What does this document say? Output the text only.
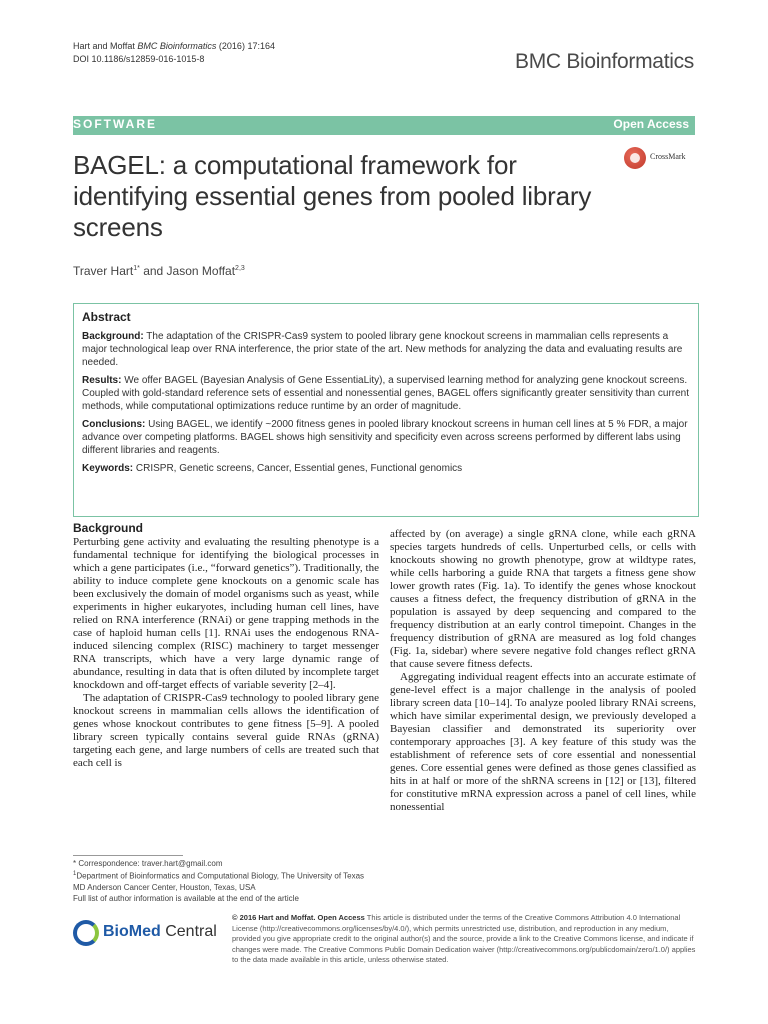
Hart and Moffat BMC Bioinformatics (2016) 17:164
DOI 10.1186/s12859-016-1015-8	BMC Bioinformatics
SOFTWARE	Open Access
BAGEL: a computational framework for identifying essential genes from pooled library screens
CrossMark
Traver Hart$^{1*}$ and Jason Moffat$^{2,3}$
Abstract

Background: The adaptation of the CRISPR-Cas9 system to pooled library gene knockout screens in mammalian cells represents a major technological leap over RNA interference, the prior state of the art. New methods for analyzing the data and evaluating results are needed.

Results: We offer BAGEL (Bayesian Analysis of Gene EssentiaLity), a supervised learning method for analyzing gene knockout screens. Coupled with gold-standard reference sets of essential and nonessential genes, BAGEL offers significantly greater sensitivity than current methods, while computational optimizations reduce runtime by an order of magnitude.

Conclusions: Using BAGEL, we identify ~2000 fitness genes in pooled library knockout screens in human cell lines at 5 % FDR, a major advance over competing platforms. BAGEL shows high sensitivity and specificity even across screens performed by different labs using different libraries and reagents.

Keywords: CRISPR, Genetic screens, Cancer, Essential genes, Functional genomics

Background

Perturbing gene activity and evaluating the resulting phenotype is a fundamental technique for identifying the biological processes in which a gene participates (i.e., “forward genetics”). Traditionally, the ability to induce complete gene knockouts on a genomic scale has been exclusively the domain of model organisms such as yeast, while experiments in higher eukaryotes, including human cell lines, have relied on RNA interference (RNAi) or gene trapping methods in the case of haploid human cells [1]. RNAi uses the endogenous RNA-induced silencing complex (RISC) machinery to target messenger RNA transcripts, which have a very large dynamic range of abundance, resulting in data that is often diluted by incomplete target knockdown and off-target effects of variable severity [2–4].

The adaptation of CRISPR-Cas9 technology to pooled library gene knockout screens in mammalian cells allows the identification of genes whose knockout contributes to gene fitness [5–9]. A pooled library screen typically contains several guide RNAs (gRNA) targeting each gene, and large numbers of cells are treated such that each cell is

affected by (on average) a single gRNA clone, while each gRNA species targets hundreds of cells. Unperturbed cells, or cells with knockouts showing no growth phenotype, grow at wildtype rates, while cells harboring a guide RNA that targets a fitness gene show lower growth rates (Fig. 1a). To identify the genes whose knockout causes a fitness defect, the frequency distribution of gRNA in the population is assayed by deep sequencing and compared to the frequency distribution at an early control timepoint. Changes in the frequency distribution of gRNA are measured as log fold changes (Fig. 1a, sidebar) where severe negative fold changes reflect gRNA that cause severe fitness defects.

Aggregating individual reagent effects into an accurate estimate of gene-level effect is a major challenge in the analysis of pooled library screen data [10–14]. To analyze pooled library RNAi screens, which have similar experimental design, we previously developed a Bayesian classifier and demonstrated its superiority over contemporary approaches [3]. A key feature of this study was the establishment of reference sets of core essential and nonessential genes. Core essential genes were defined as those genes classified as hits in at half or more of the shRNA screens in [12] or [13], filtered for constitutive mRNA expression across a panel of cell lines, while nonessential

* Correspondence: traver.hart@gmail.com

$^1$Department of Bioinformatics and Computational Biology, The University of Texas MD Anderson Cancer Center, Houston, Texas, USA

Full list of author information is available at the end of the article

BioMed Central
© 2016 Hart and Moffat. Open Access This article is distributed under the terms of the Creative Commons Attribution 4.0 International License (http://creativecommons.org/licenses/by/4.0/), which permits unrestricted use, distribution, and reproduction in any medium, provided you give appropriate credit to the original author(s) and the source, provide a link to the Creative Commons license, and indicate if changes were made. The Creative Commons Public Domain Dedication waiver (http://creativecommons.org/publicdomain/zero/1.0/) applies to the data made available in this article, unless otherwise stated.
